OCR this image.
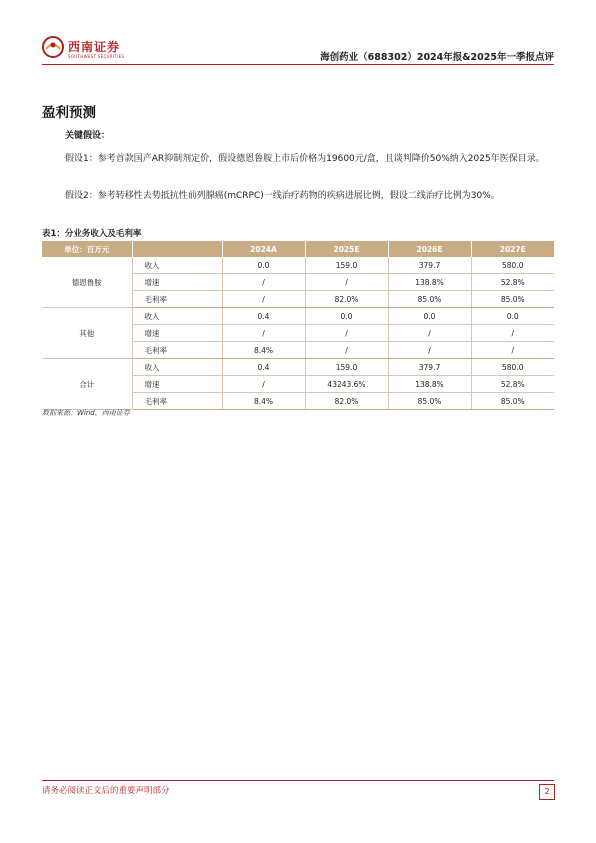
西南证券
SOUTHWEST SECURITIES	海创药业（688302）2024年报&2025年一季报点评
盈利预测
关键假设：
假设1：参考首款国产AR抑制剂定价，假设德恩鲁胺上市后价格为19600元/盒，且谈判降价50%纳入2025年医保目录。
假设2：参考转移性去势抵抗性前列腺癌(mCRPC)一线治疗药物的疾病进展比例，假设二线治疗比例为30%。
表1：分业务收入及毛利率
单位：百万元		2024A	2025E	2026E	2027E
德恩鲁胺	收入	0.0	159.0	379.7	580.0
	增速	/	/	138.8%	52.8%
	毛利率	/	82.0%	85.0%	85.0%
其他	收入	0.4	0.0	0.0	0.0
	增速	/	/	/	/
	毛利率	8.4%	/	/	/
合计	收入	0.4	159.0	379.7	580.0
	增速	/	43243.6%	138.8%	52.8%
	毛利率	8.4%	82.0%	85.0%	85.0%
数据来源：Wind，西南证券
请务必阅读正文后的重要声明部分	2
